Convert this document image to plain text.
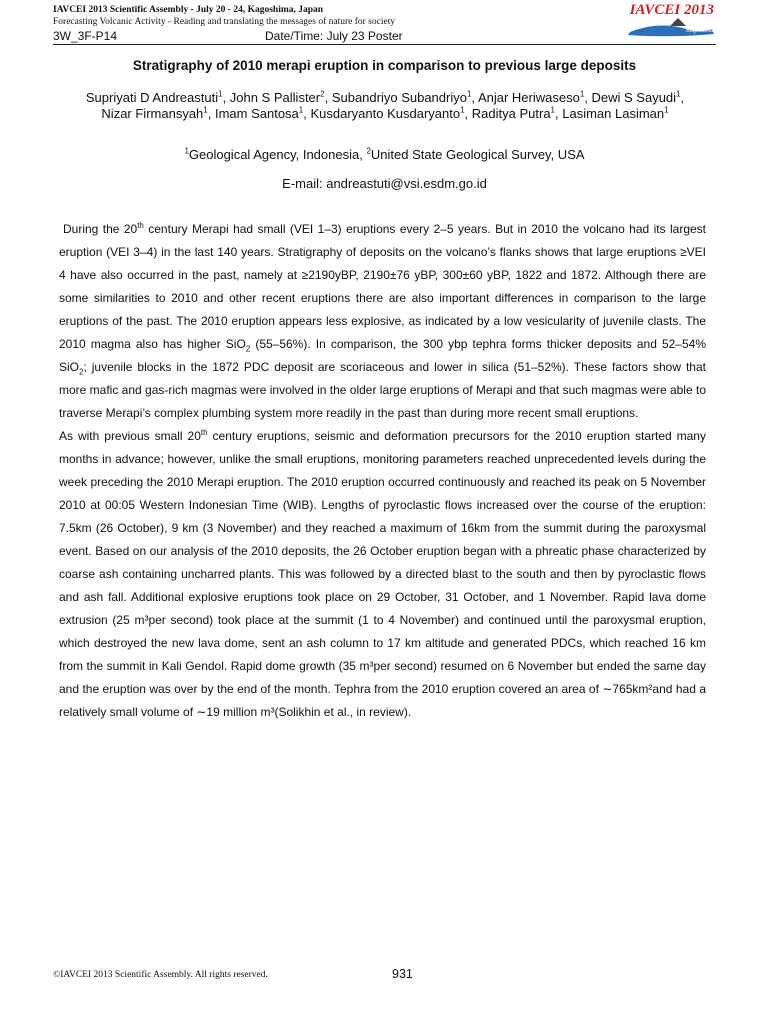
IAVCEI 2013 Scientific Assembly - July 20 - 24, Kagoshima, Japan
Forecasting Volcanic Activity - Reading and translating the messages of nature for society
3W_3F-P14	Date/Time: July 23 Poster
IAVCEI 2013
Kagoshima
Stratigraphy of 2010 merapi eruption in comparison to previous large deposits
Supriyati D Andreastuti$^1$, John S Pallister$^2$, Subandriyo Subandriyo$^1$, Anjar Heriwaseso$^1$, Dewi S Sayudi$^1$, Nizar Firmansyah$^1$, Imam Santosa$^1$, Kusdaryanto Kusdaryanto$^1$, Raditya Putra$^1$, Lasiman Lasiman$^1$
$^1$Geological Agency, Indonesia, $^2$United State Geological Survey, USA
E-mail: andreastuti@vsi.esdm.go.id

During the 20th century Merapi had small (VEI 1–3) eruptions every 2–5 years. But in 2010 the volcano had its largest eruption (VEI 3–4) in the last 140 years. Stratigraphy of deposits on the volcano’s flanks shows that large eruptions ≥VEI 4 have also occurred in the past, namely at ≥2190yBP, 2190±76 yBP, 300±60 yBP, 1822 and 1872. Although there are some similarities to 2010 and other recent eruptions there are also important differences in comparison to the large eruptions of the past. The 2010 eruption appears less explosive, as indicated by a low vesicularity of juvenile clasts. The 2010 magma also has higher SiO$_2$ (55–56%). In comparison, the 300 ybp tephra forms thicker deposits and 52–54% SiO$_2$; juvenile blocks in the 1872 PDC deposit are scoriaceous and lower in silica (51–52%). These factors show that more mafic and gas-rich magmas were involved in the older large eruptions of Merapi and that such magmas were able to traverse Merapi’s complex plumbing system more readily in the past than during more recent small eruptions.

As with previous small 20th century eruptions, seismic and deformation precursors for the 2010 eruption started many months in advance; however, unlike the small eruptions, monitoring parameters reached unprecedented levels during the week preceding the 2010 Merapi eruption. The 2010 eruption occurred continuously and reached its peak on 5 November 2010 at 00:05 Western Indonesian Time (WIB). Lengths of pyroclastic flows increased over the course of the eruption: 7.5km (26 October), 9 km (3 November) and they reached a maximum of 16km from the summit during the paroxysmal event. Based on our analysis of the 2010 deposits, the 26 October eruption began with a phreatic phase characterized by coarse ash containing uncharred plants. This was followed by a directed blast to the south and then by pyroclastic flows and ash fall. Additional explosive eruptions took place on 29 October, 31 October, and 1 November. Rapid lava dome extrusion (25 m³per second) took place at the summit (1 to 4 November) and continued until the paroxysmal eruption, which destroyed the new lava dome, sent an ash column to 17 km altitude and generated PDCs, which reached 16 km from the summit in Kali Gendol. Rapid dome growth (35 m³per second) resumed on 6 November but ended the same day and the eruption was over by the end of the month. Tephra from the 2010 eruption covered an area of ∼765km²and had a relatively small volume of ∼19 million m³(Solikhin et al., in review).

©IAVCEI 2013 Scientific Assembly. All rights reserved.	931
